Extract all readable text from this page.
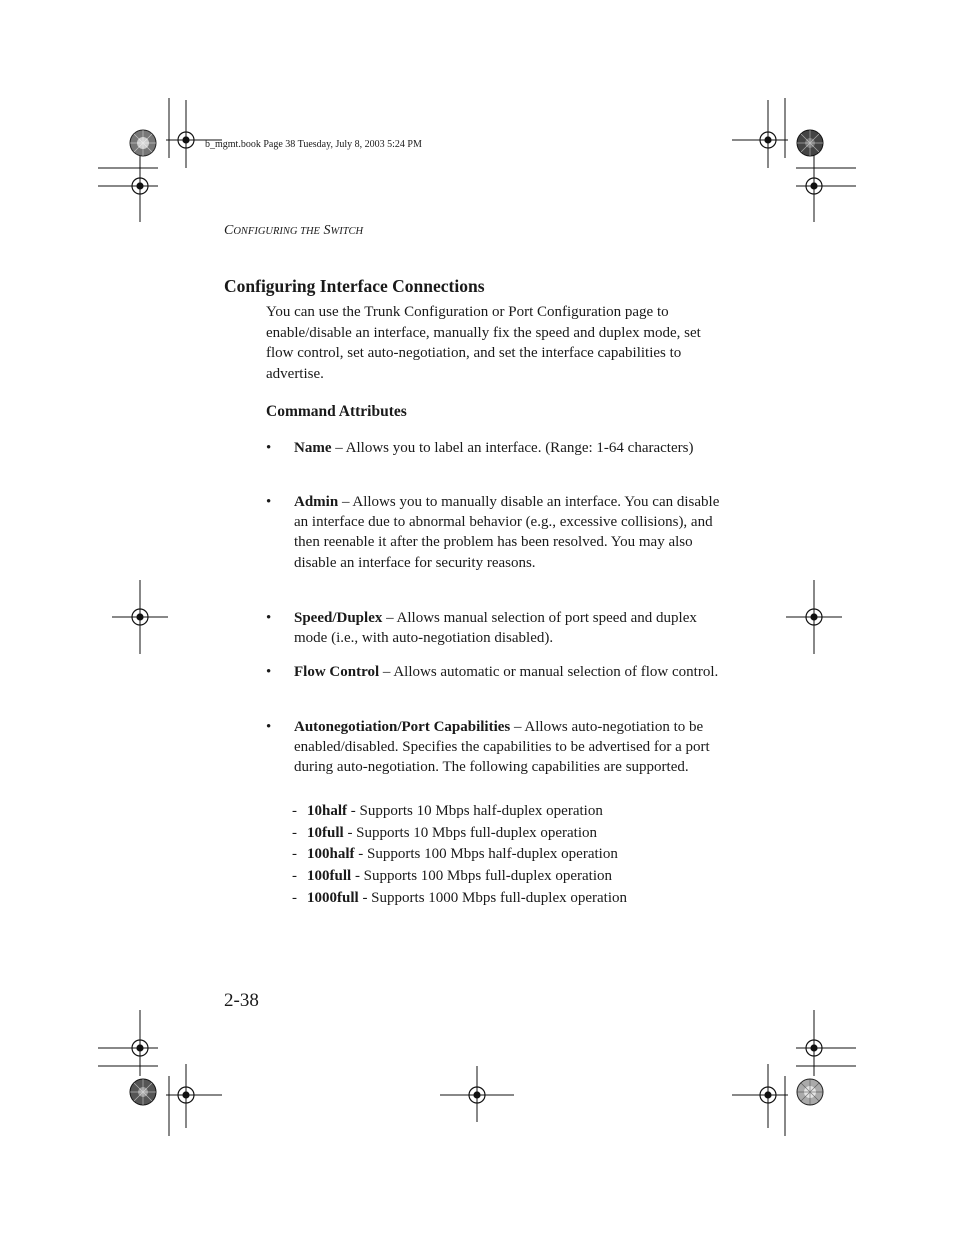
b_mgmt.book Page 38 Tuesday, July 8, 2003 5:24 PM
CONFIGURING THE SWITCH
Configuring Interface Connections

You can use the Trunk Configuration or Port Configuration page to enable/disable an interface, manually fix the speed and duplex mode, set flow control, set auto-negotiation, and set the interface capabilities to advertise.

Command Attributes
• Name – Allows you to label an interface. (Range: 1-64 characters)
• Admin – Allows you to manually disable an interface. You can disable an interface due to abnormal behavior (e.g., excessive collisions), and then reenable it after the problem has been resolved. You may also disable an interface for security reasons.
• Speed/Duplex – Allows manual selection of port speed and duplex mode (i.e., with auto-negotiation disabled).
• Flow Control – Allows automatic or manual selection of flow control.
• Autonegotiation/Port Capabilities – Allows auto-negotiation to be enabled/disabled. Specifies the capabilities to be advertised for a port during auto-negotiation. The following capabilities are supported.
- 10half - Supports 10 Mbps half-duplex operation
- 10full - Supports 10 Mbps full-duplex operation
- 100half - Supports 100 Mbps half-duplex operation
- 100full - Supports 100 Mbps full-duplex operation
- 1000full - Supports 1000 Mbps full-duplex operation
2-38
